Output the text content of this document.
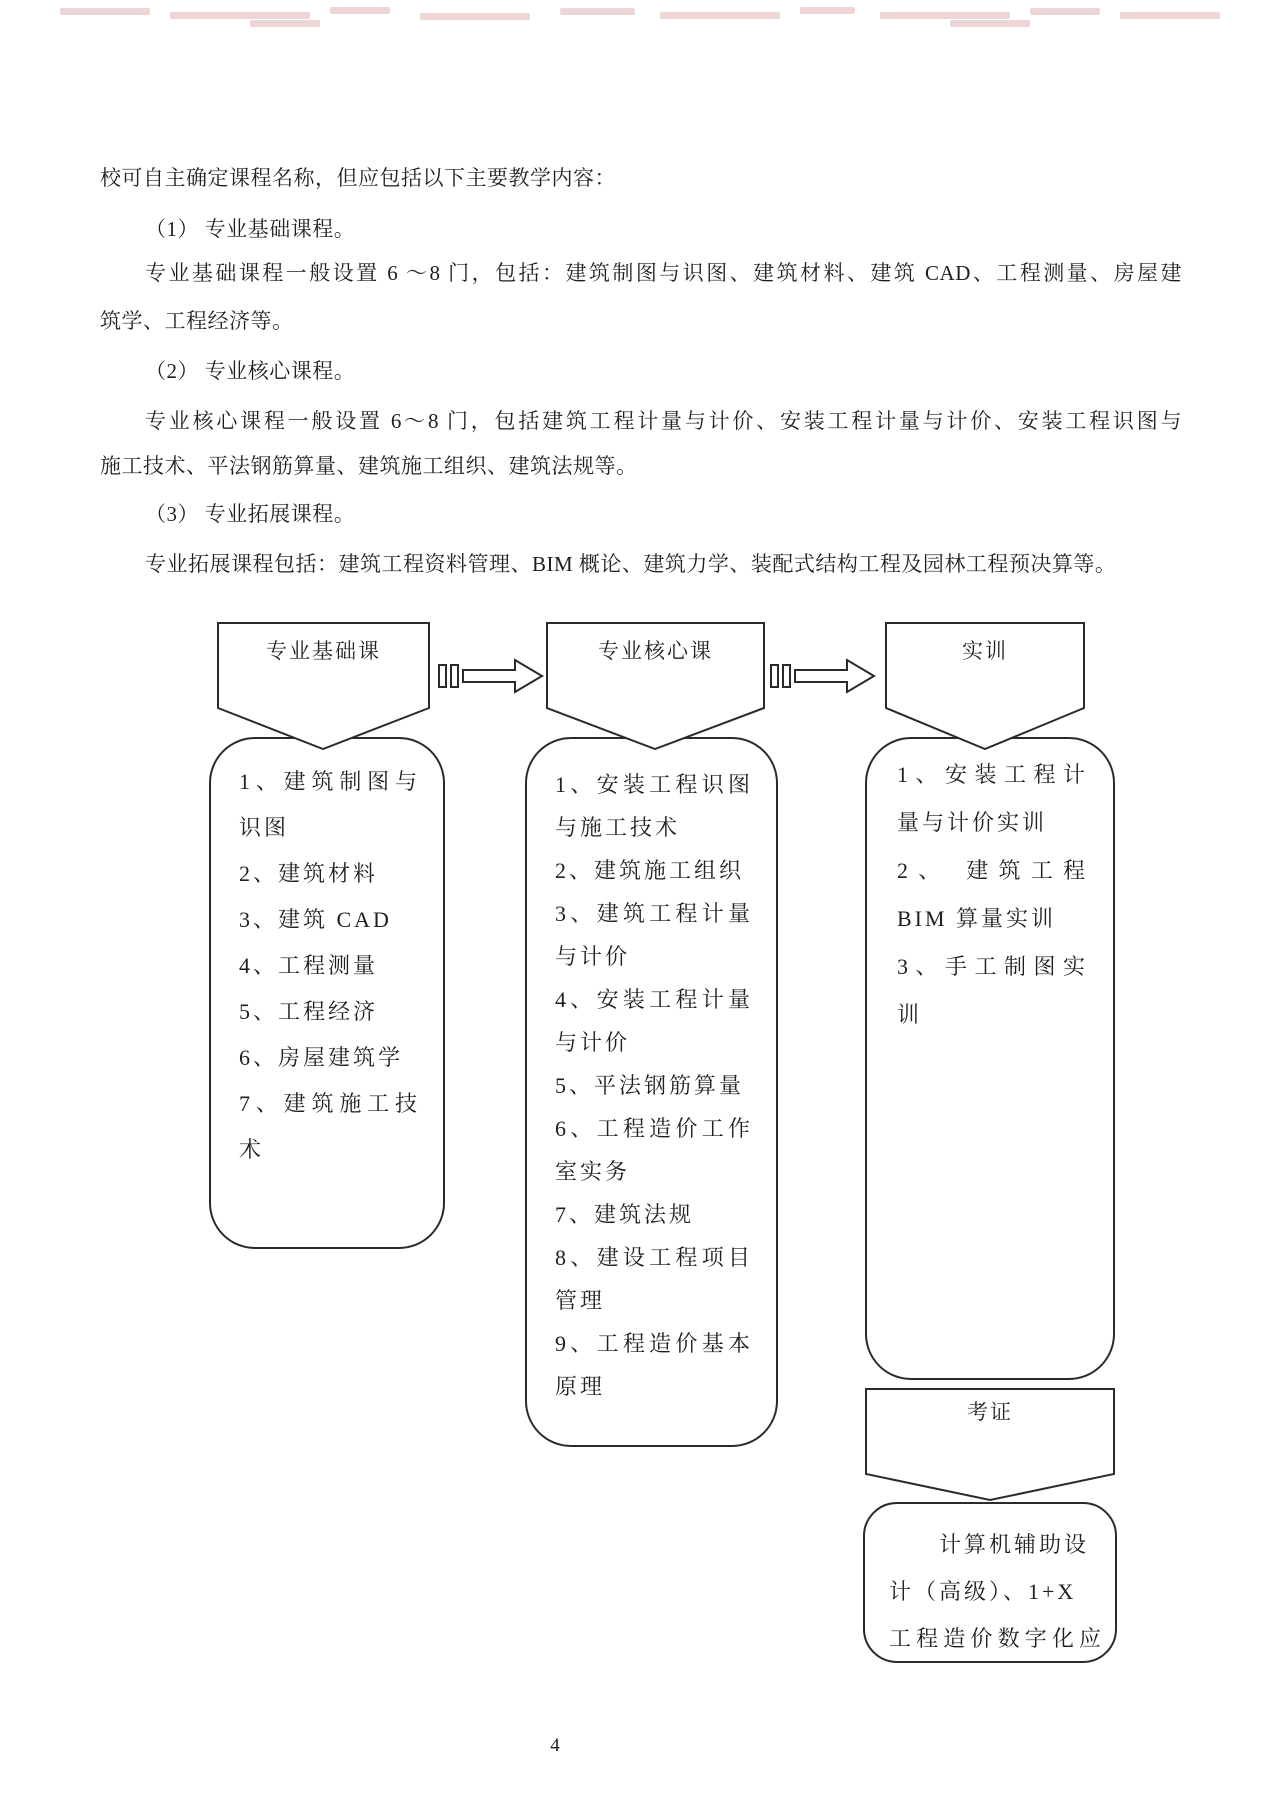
校可自主确定课程名称，但应包括以下主要教学内容：
（1） 专业基础课程。
专业基础课程一般设置 6 ～8 门，包括：建筑制图与识图、建筑材料、建筑 CAD、工程测量、房屋建
筑学、工程经济等。
（2） 专业核心课程。
专业核心课程一般设置 6～8 门，包括建筑工程计量与计价、安装工程计量与计价、安装工程识图与
施工技术、平法钢筋算量、建筑施工组织、建筑法规等。
（3） 专业拓展课程。
专业拓展课程包括：建筑工程资料管理、BIM 概论、建筑力学、装配式结构工程及园林工程预决算等。
1、建筑制图与
识图
2、建筑材料
3、建筑 CAD
4、工程测量
5、工程经济
6、房屋建筑学
7、建筑施工技
术
1、安装工程识图
与施工技术
2、建筑施工组织
3、建筑工程计量
与计价
4、安装工程计量
与计价
5、平法钢筋算量
6、工程造价工作
室实务
7、建筑法规
8、建设工程项目
管理
9、工程造价基本
原理
1、安装工程计
量与计价实训
2、 建筑工程
BIM 算量实训
3、手工制图实
训
计算机辅助设
计（高级）、1+X
工程造价数字化应
专业基础课	专业核心课	实训
考证
4
